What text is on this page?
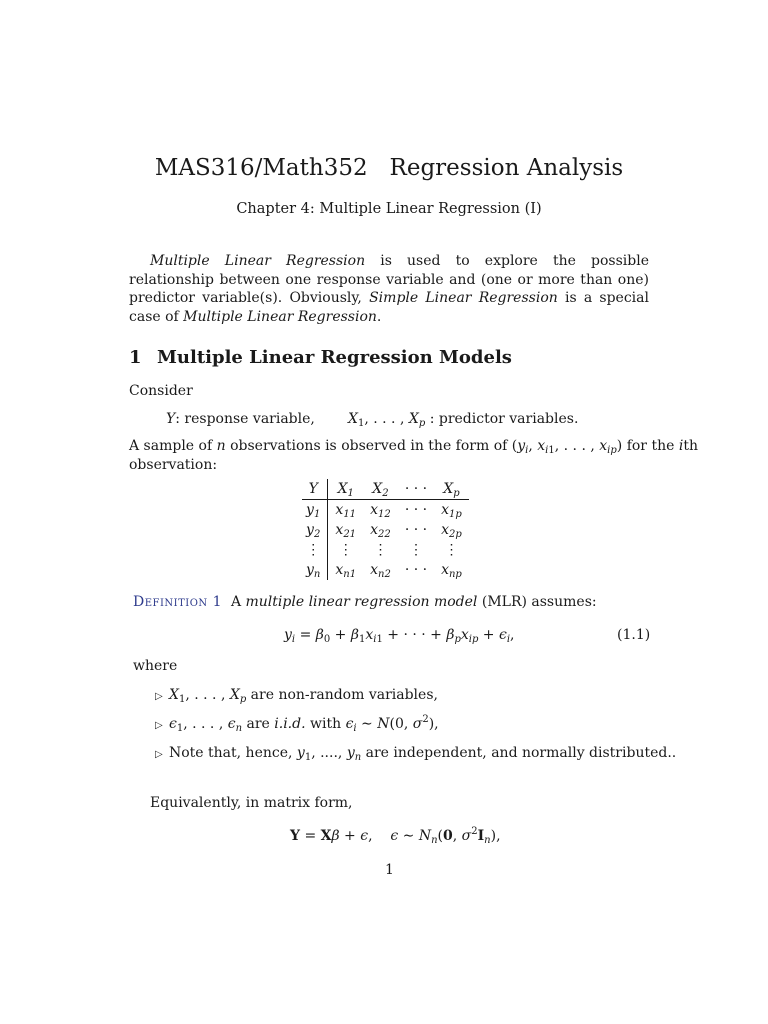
MAS316/Math352   Regression Analysis
Chapter 4: Multiple Linear Regression (I)
Multiple Linear Regression is used to explore the possible relationship between one response variable and (one or more than one) predictor variable(s). Obviously, Simple Linear Regression is a special case of Multiple Linear Regression.
1 Multiple Linear Regression Models
Consider
Y: response variable, $X_1$, . . . , $X_p$ : predictor variables.
A sample of n observations is observed in the form of ($y_i$, $x_{i1}$, . . . , $x_{ip}$) for the ith
observation:
Y	$X_1$	$X_2$	· · ·	$X_p$
$y_1$	$x_{11}$	$x_{12}$	· · ·	$x_{1p}$
$y_2$	$x_{21}$	$x_{22}$	· · ·	$x_{2p}$
⋮	⋮	⋮	⋮	⋮
$y_n$	$x_{n1}$	$x_{n2}$	· · ·	$x_{np}$
Definition 1 A multiple linear regression model (MLR) assumes:
$y_i = \beta_0 + \beta_1x_{i1}$ + · · · + $\beta_px_{ip} + \epsilon_i$,	(1.1)
where
▷ $X_1$, . . . , $X_p$ are non-random variables,
▷ $\epsilon_1$, . . . , $\epsilon_n$ are i.i.d. with $\epsilon_i$ ∼ N(0, $\sigma^2$),
▷ Note that, hence, $y_1$, ...., $y_n$ are independent, and normally distributed..
Equivalently, in matrix form,
Y = Xβ + ϵ,    ϵ ∼ $N_n(0$, $\sigma^2I_n$),
1
